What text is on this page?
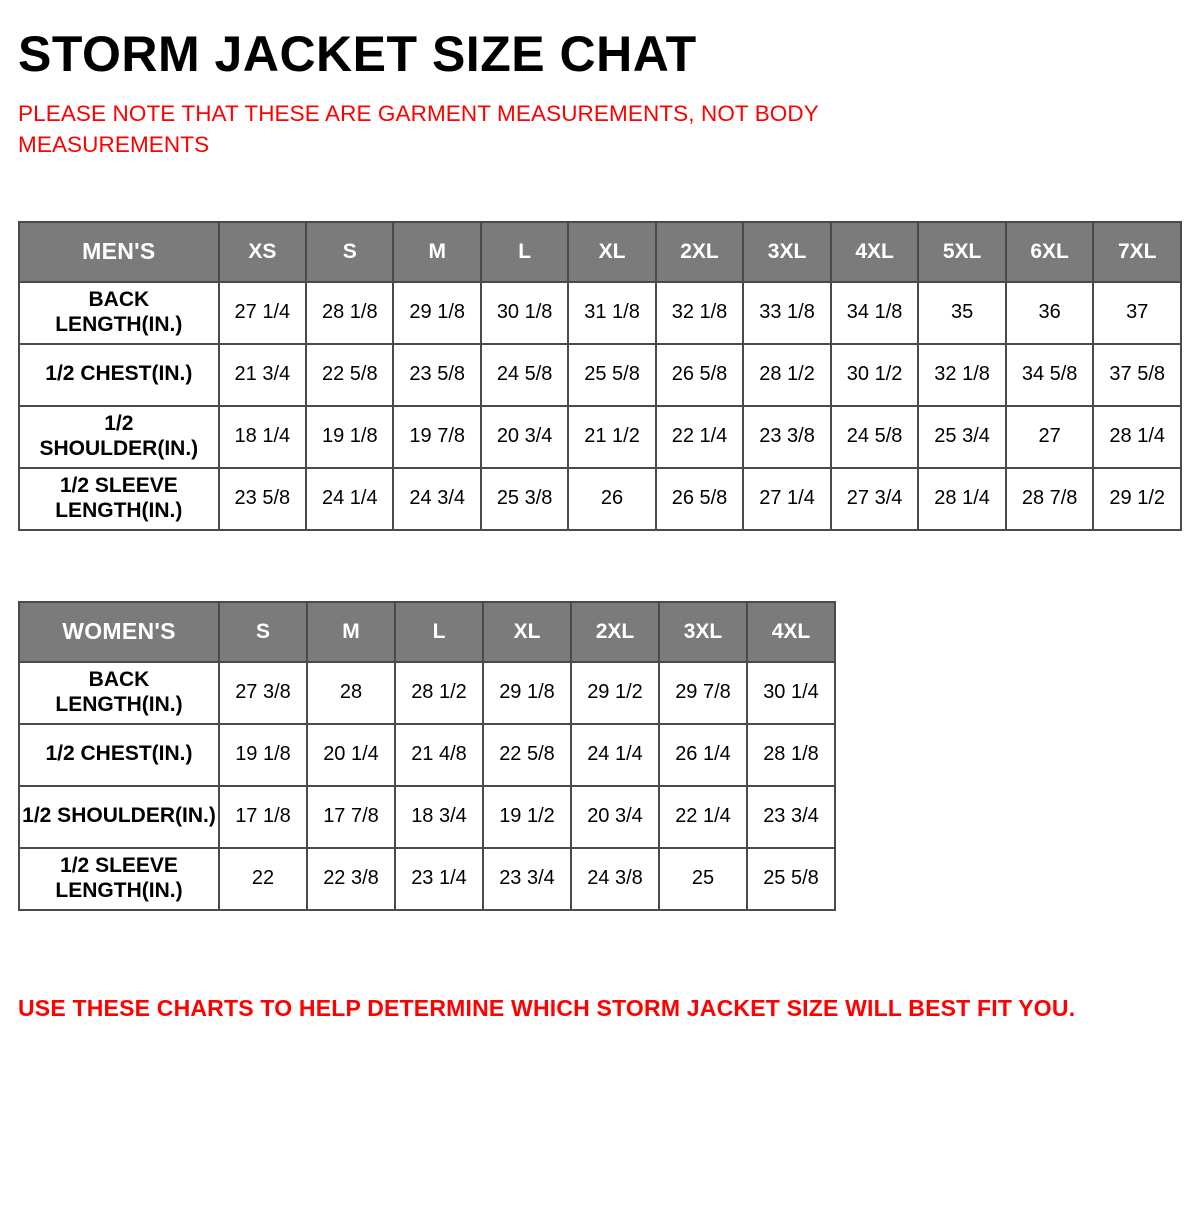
STORM JACKET SIZE CHAT

PLEASE NOTE THAT THESE ARE GARMENT MEASUREMENTS, NOT BODY MEASUREMENTS

MEN'S	XS	S	M	L	XL	2XL	3XL	4XL	5XL	6XL	7XL

BACK
LENGTH(IN.)	27 1/4	28 1/8	29 1/8	30 1/8	31 1/8	32 1/8	33 1/8	34 1/8	35	36	37

1/2 CHEST(IN.)	21 3/4	22 5/8	23 5/8	24 5/8	25 5/8	26 5/8	28 1/2	30 1/2	32 1/8	34 5/8	37 5/8

1/2 SHOULDER(IN.)	18 1/4	19 1/8	19 7/8	20 3/4	21 1/2	22 1/4	23 3/8	24 5/8	25 3/4	27	28 1/4

1/2 SLEEVE
LENGTH(IN.)	23 5/8	24 1/4	24 3/4	25 3/8	26	26 5/8	27 1/4	27 3/4	28 1/4	28 7/8	29 1/2
WOMEN'S	S	M	L	XL	2XL	3XL	4XL

BACK
LENGTH(IN.)	27 3/8	28	28 1/2	29 1/8	29 1/2	29 7/8	30 1/4

1/2 CHEST(IN.)	19 1/8	20 1/4	21 4/8	22 5/8	24 1/4	26 1/4	28 1/8

1/2 SHOULDER(IN.)	17 1/8	17 7/8	18 3/4	19 1/2	20 3/4	22 1/4	23 3/4

1/2 SLEEVE
LENGTH(IN.)	22	22 3/8	23 1/4	23 3/4	24 3/8	25	25 5/8

USE THESE CHARTS TO HELP DETERMINE WHICH STORM JACKET SIZE WILL BEST FIT YOU.
